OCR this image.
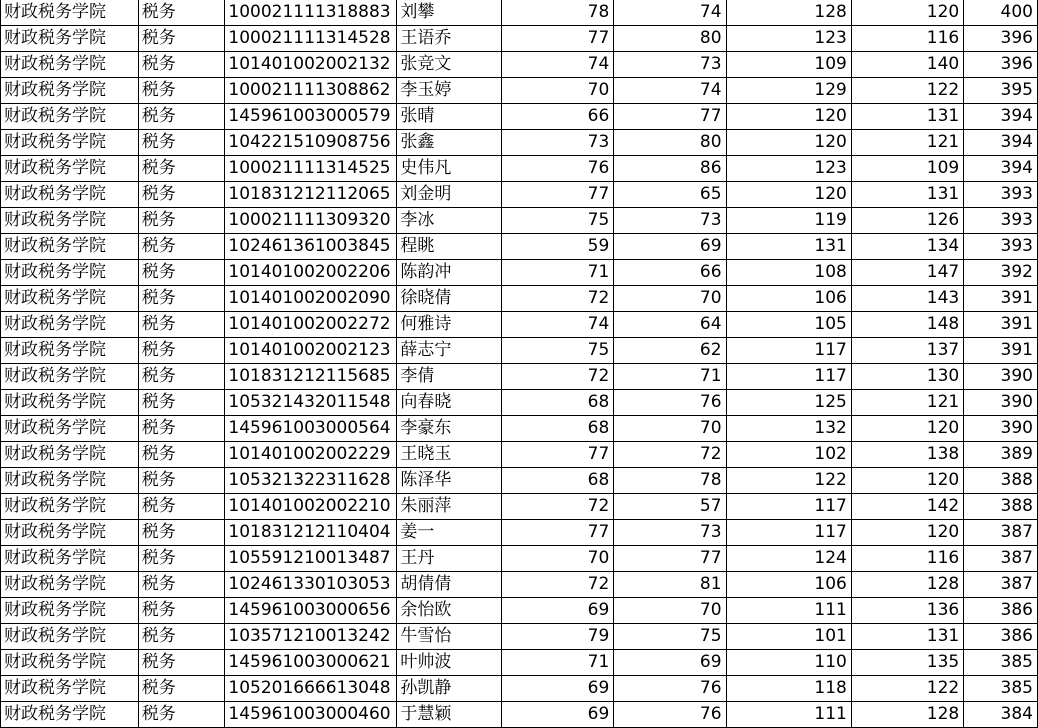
财政税务学院	税务	100021111318883	刘攀	78	74	128	120	400
财政税务学院	税务	100021111314528	王语乔	77	80	123	116	396
财政税务学院	税务	101401002002132	张竞文	74	73	109	140	396
财政税务学院	税务	100021111308862	李玉婷	70	74	129	122	395
财政税务学院	税务	145961003000579	张晴	66	77	120	131	394
财政税务学院	税务	104221510908756	张鑫	73	80	120	121	394
财政税务学院	税务	100021111314525	史伟凡	76	86	123	109	394
财政税务学院	税务	101831212112065	刘金明	77	65	120	131	393
财政税务学院	税务	100021111309320	李冰	75	73	119	126	393
财政税务学院	税务	102461361003845	程眺	59	69	131	134	393
财政税务学院	税务	101401002002206	陈韵冲	71	66	108	147	392
财政税务学院	税务	101401002002090	徐晓倩	72	70	106	143	391
财政税务学院	税务	101401002002272	何雅诗	74	64	105	148	391
财政税务学院	税务	101401002002123	薛志宁	75	62	117	137	391
财政税务学院	税务	101831212115685	李倩	72	71	117	130	390
财政税务学院	税务	105321432011548	向春晓	68	76	125	121	390
财政税务学院	税务	145961003000564	李豪东	68	70	132	120	390
财政税务学院	税务	101401002002229	王晓玉	77	72	102	138	389
财政税务学院	税务	105321322311628	陈泽华	68	78	122	120	388
财政税务学院	税务	101401002002210	朱丽萍	72	57	117	142	388
财政税务学院	税务	101831212110404	姜一	77	73	117	120	387
财政税务学院	税务	105591210013487	王丹	70	77	124	116	387
财政税务学院	税务	102461330103053	胡倩倩	72	81	106	128	387
财政税务学院	税务	145961003000656	余怡欧	69	70	111	136	386
财政税务学院	税务	103571210013242	牛雪怡	79	75	101	131	386
财政税务学院	税务	145961003000621	叶帅波	71	69	110	135	385
财政税务学院	税务	105201666613048	孙凯静	69	76	118	122	385
财政税务学院	税务	145961003000460	于慧颖	69	76	111	128	384
